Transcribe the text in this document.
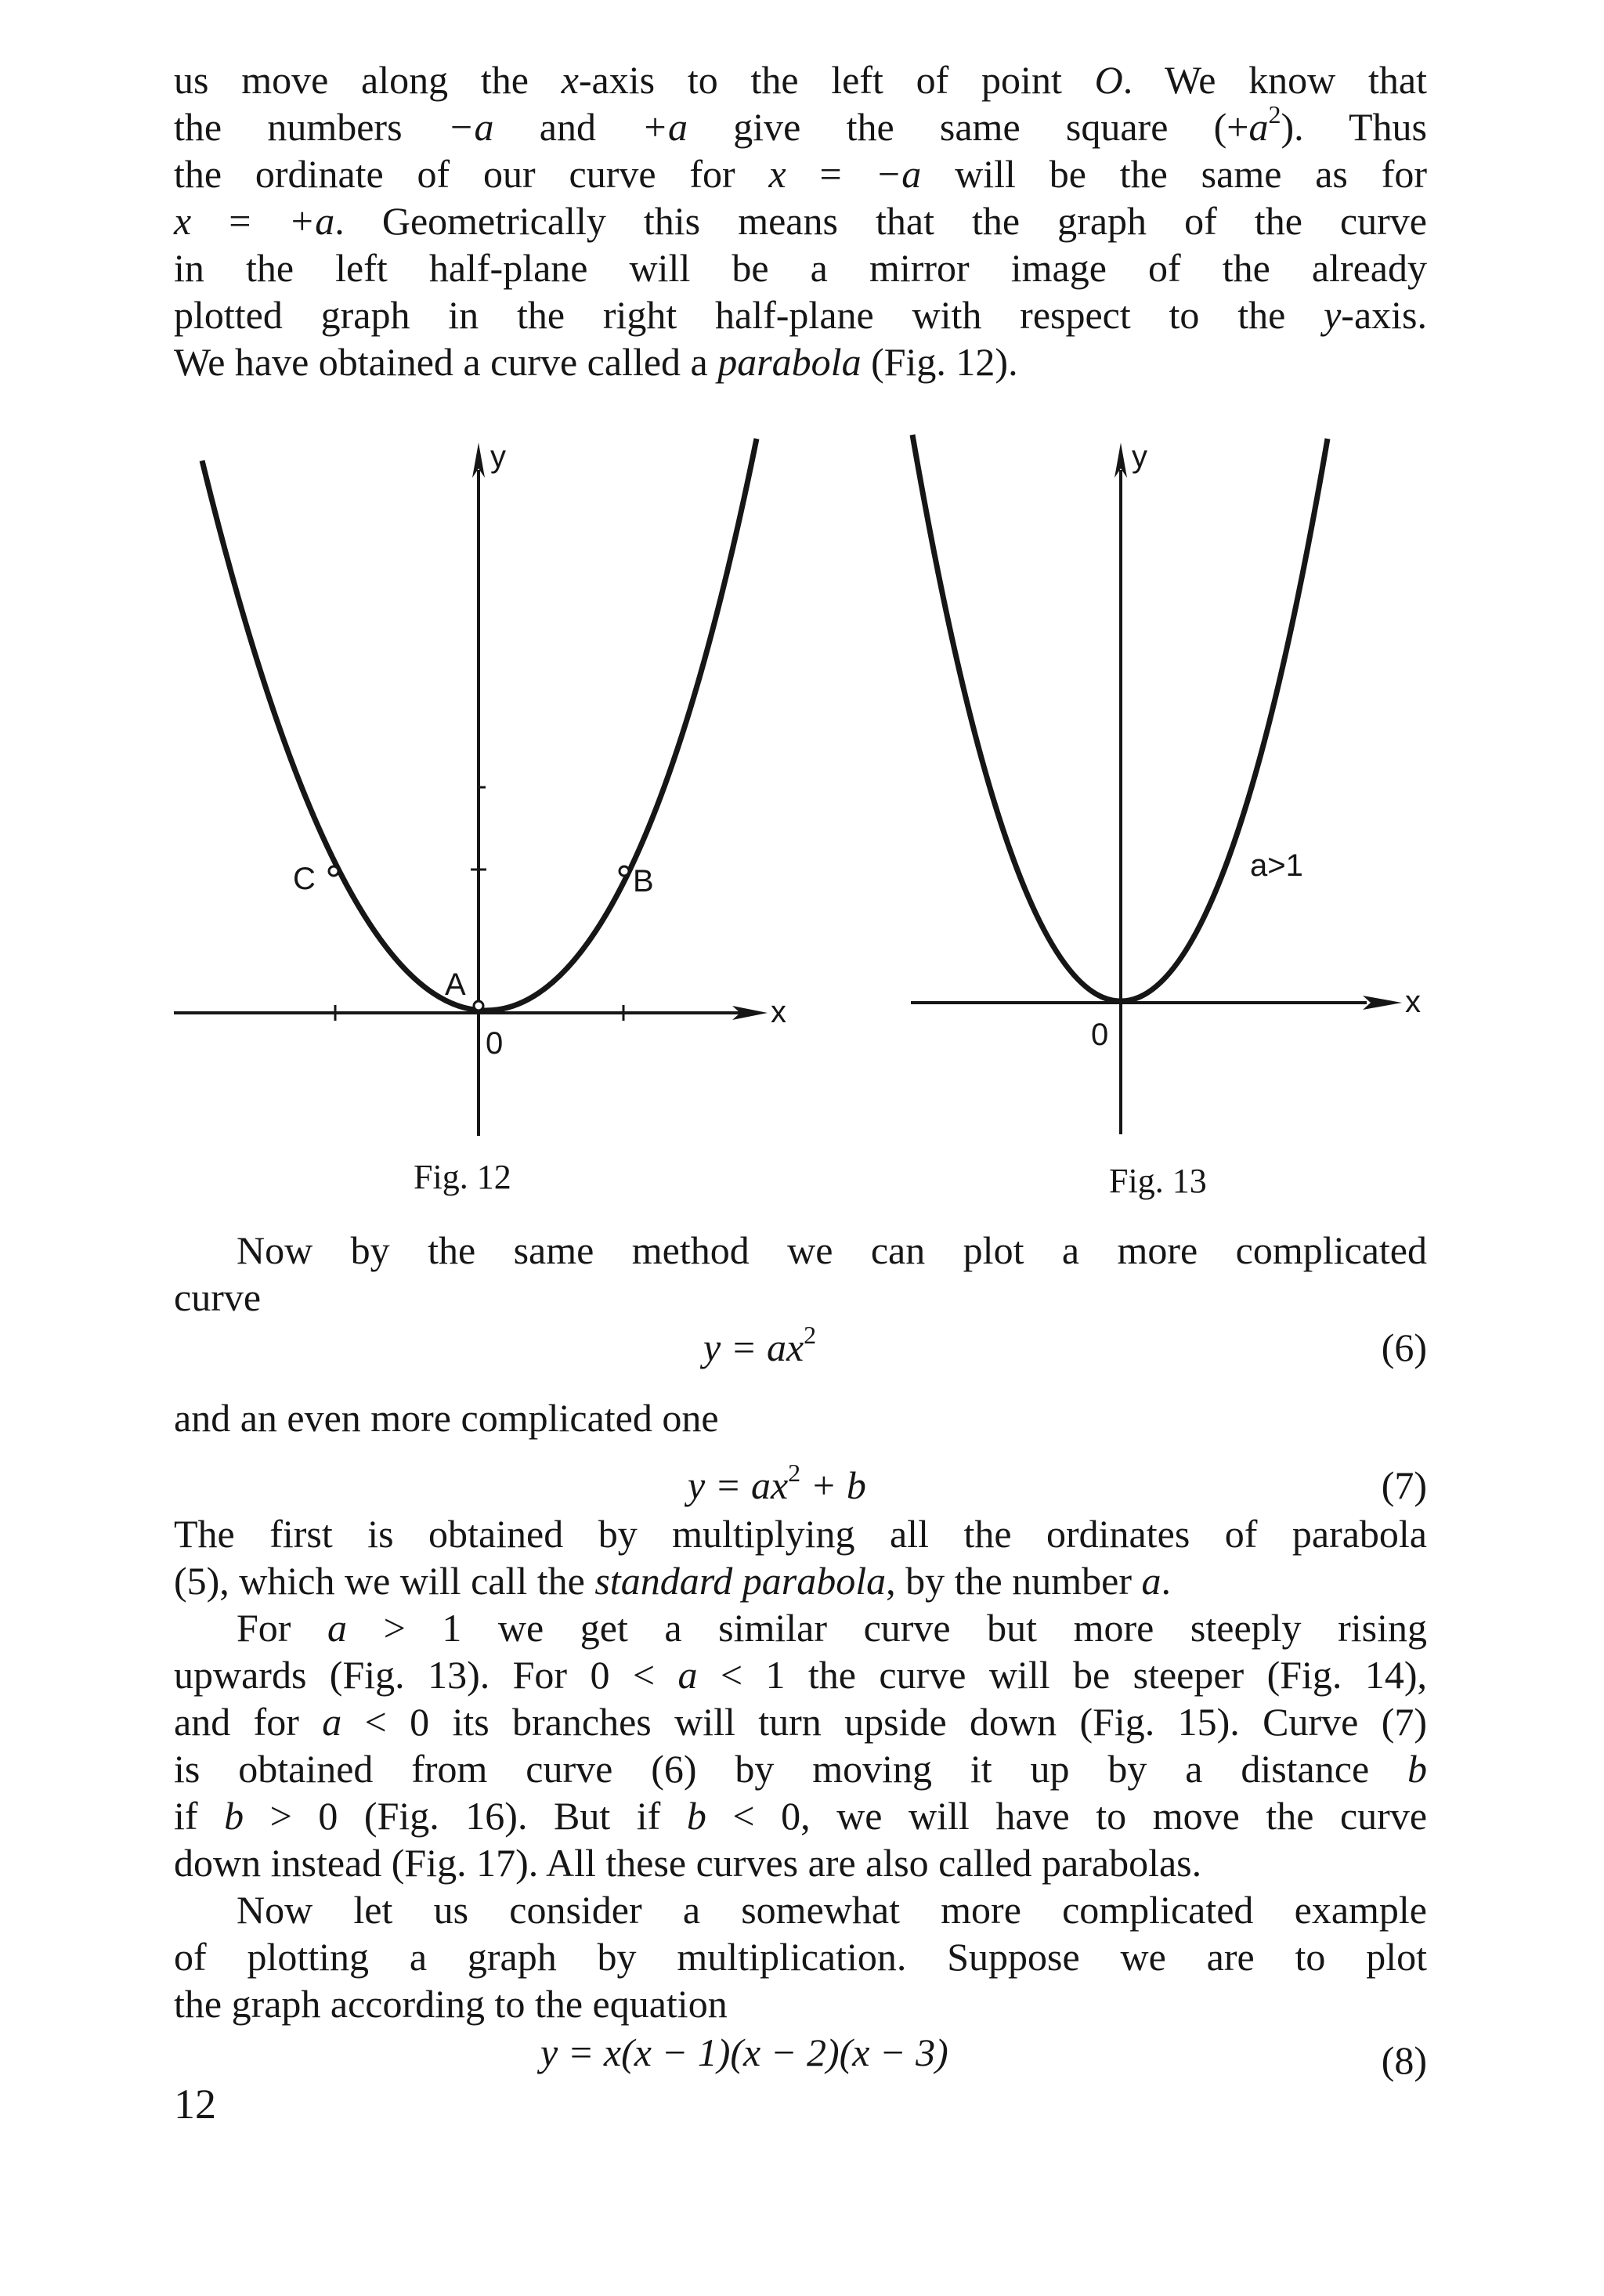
us move along the x-axis to the left of point O. We know that
the numbers −a and +a give the same square $(+a^2)$. Thus
the ordinate of our curve for x = −a will be the same as for
x = +a. Geometrically this means that the graph of the curve
in the left half-plane will be a mirror image of the already
plotted graph in the right half-plane with respect to the y-axis.
We have obtained a curve called a parabola (Fig. 12).
y
x
0
A
B
C
y
x
0
a>1
Fig. 12	Fig. 13
Now by the same method we can plot a more complicated
curve
$y = ax^2$	(6)
and an even more complicated one
$y = ax^2 + b$	(7)
The first is obtained by multiplying all the ordinates of parabola
(5), which we will call the standard parabola, by the number a.
For a > 1 we get a similar curve but more steeply rising
upwards (Fig. 13). For 0 < a < 1 the curve will be steeper (Fig. 14),
and for a < 0 its branches will turn upside down (Fig. 15). Curve (7)
is obtained from curve (6) by moving it up by a distance b
if b > 0 (Fig. 16). But if b < 0, we will have to move the curve
down instead (Fig. 17). All these curves are also called parabolas.
Now let us consider a somewhat more complicated example
of plotting a graph by multiplication. Suppose we are to plot
the graph according to the equation
y = x(x − 1)(x − 2)(x − 3)	(8)
12
